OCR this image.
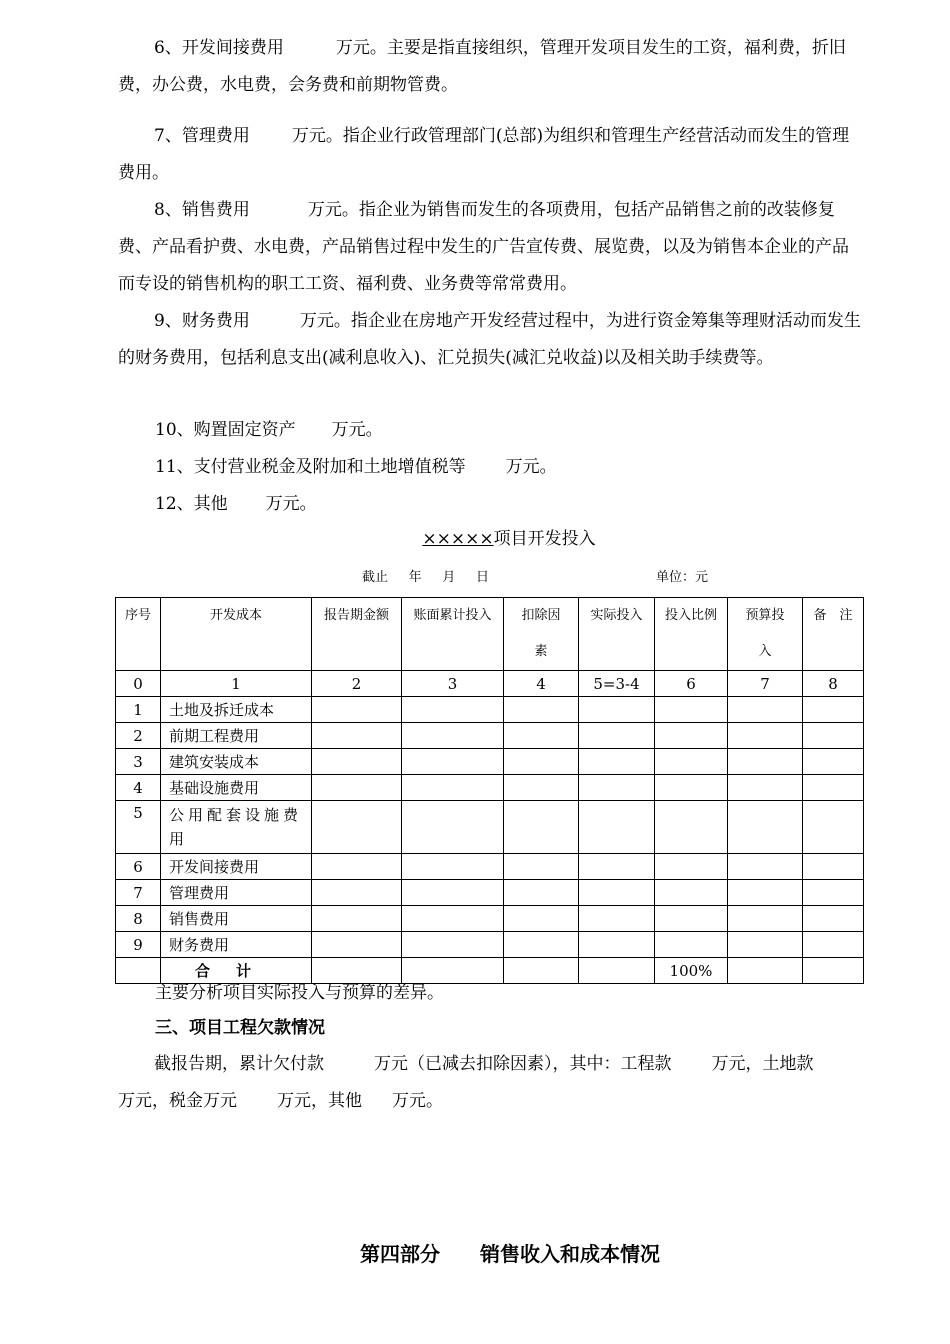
6、开发间接费用	万元。主要是指直接组织，管理开发项目发生的工资，福利费，折旧费，办公费，水电费，会务费和前期物管费。
7、管理费用 万元。指企业行政管理部门(总部)为组织和管理生产经营活动而发生的管理费用。
8、销售费用	万元。指企业为销售而发生的各项费用，包括产品销售之前的改装修复费、产品看护费、水电费，产品销售过程中发生的广告宣传费、展览费，以及为销售本企业的产品而专设的销售机构的职工工资、福利费、业务费等常常费用。
9、财务费用	万元。指企业在房地产开发经营过程中，为进行资金筹集等理财活动而发生的财务费用，包括利息支出(减利息收入)、汇兑损失(减汇兑收益)以及相关助手续费等。
10、购置固定资产 万元。
11、支付营业税金及附加和土地增值税等 万元。
12、其他 万元。
×××××项目开发投入
截止     年     月     日	单位：元
序号	开发成本	报告期金额	账面累计投入	扣除因素	实际投入	投入比例	预算投入	备　注
0	1	2	3	4	5=3-4	6	7	8
1	土地及拆迁成本							
2	前期工程费用							
3	建筑安装成本							
4	基础设施费用							
5	公用配套设施费用							
6	开发间接费用							
7	管理费用							
8	销售费用							
9	财务费用							
	合计					100%		
主要分析项目实际投入与预算的差异。
三、项目工程欠款情况
截报告期，累计欠付款	万元（已减去扣除因素），其中：工程款 万元，土地款万元，税金万元 万元，其他 万元。
第四部分　　销售收入和成本情况
